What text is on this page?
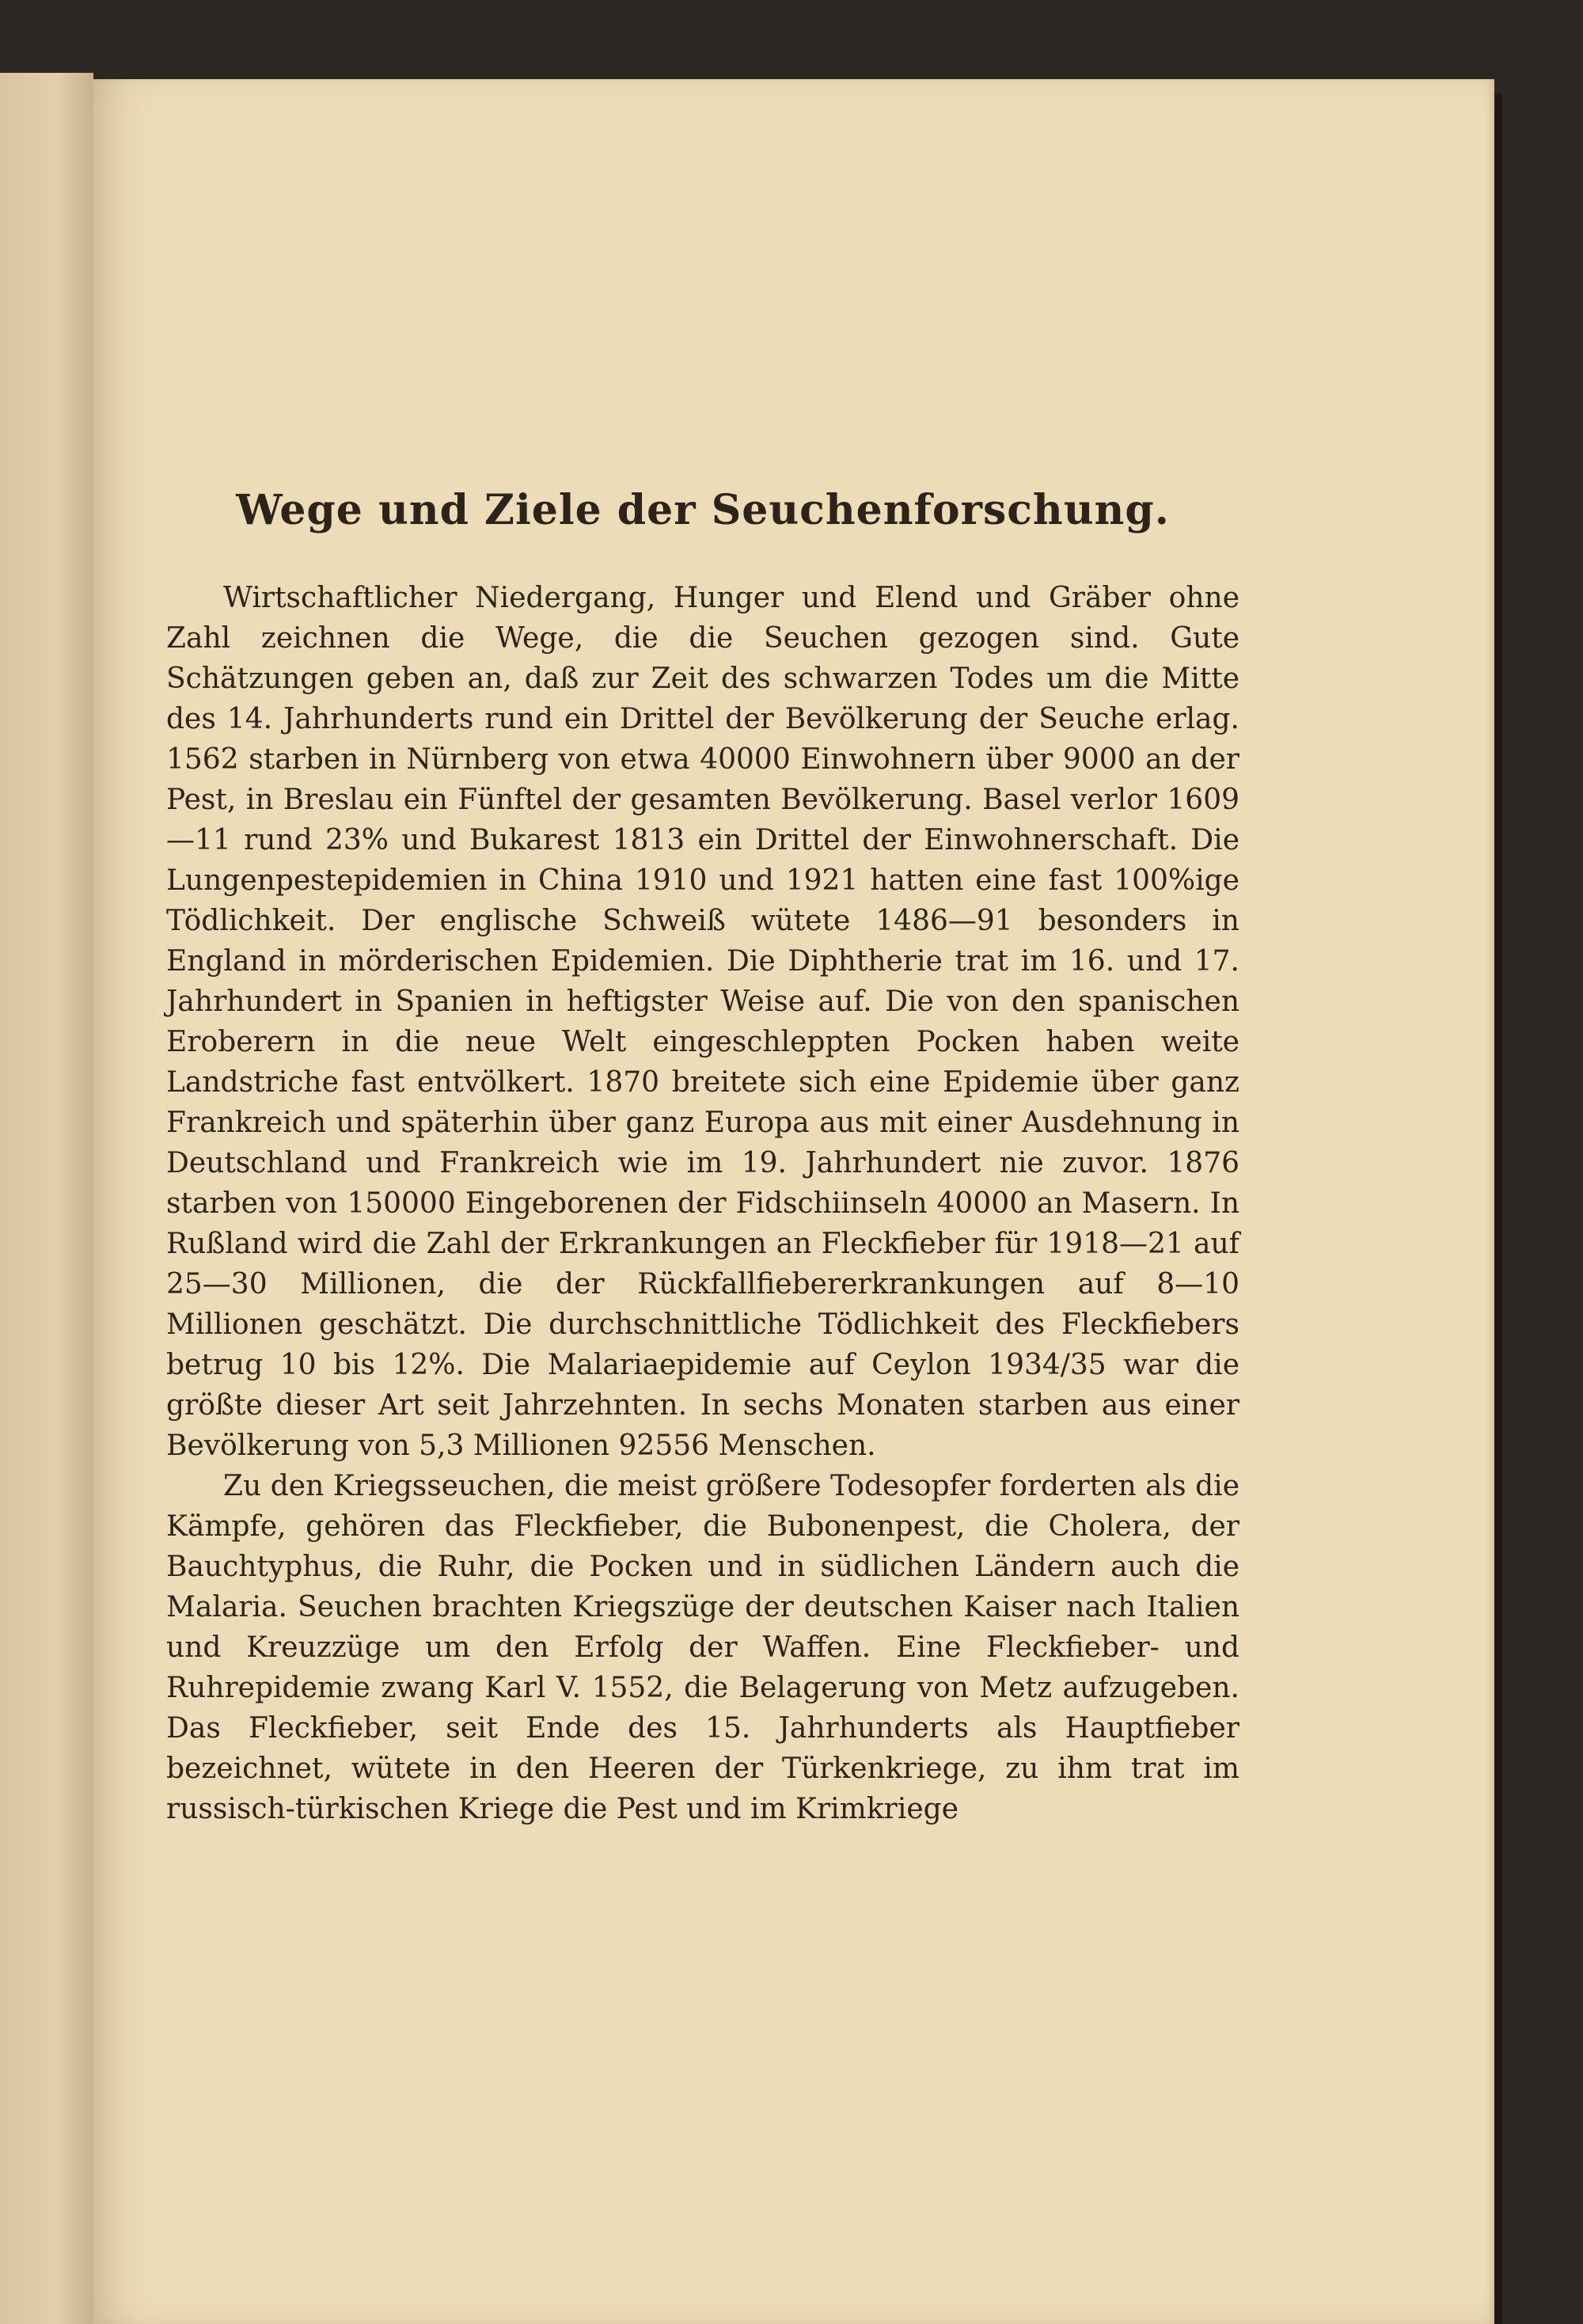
Wege und Ziele der Seuchenforschung.

Wirtschaftlicher Niedergang, Hunger und Elend und Gräber ohne Zahl zeichnen die Wege, die die Seuchen gezogen sind. Gute Schätzungen geben an, daß zur Zeit des schwarzen Todes um die Mitte des 14. Jahrhunderts rund ein Drittel der Bevölkerung der Seuche erlag. 1562 starben in Nürnberg von etwa 40000 Einwohnern über 9000 an der Pest, in Breslau ein Fünftel der gesamten Bevölkerung. Basel verlor 1609—11 rund 23% und Bukarest 1813 ein Drittel der Einwohnerschaft. Die Lungenpestepidemien in China 1910 und 1921 hatten eine fast 100%ige Tödlichkeit. Der englische Schweiß wütete 1486—91 besonders in England in mörderischen Epidemien. Die Diphtherie trat im 16. und 17. Jahrhundert in Spanien in heftigster Weise auf. Die von den spanischen Eroberern in die neue Welt eingeschleppten Pocken haben weite Landstriche fast entvölkert. 1870 breitete sich eine Epidemie über ganz Frankreich und späterhin über ganz Europa aus mit einer Ausdehnung in Deutschland und Frankreich wie im 19. Jahrhundert nie zuvor. 1876 starben von 150000 Eingeborenen der Fidschiinseln 40000 an Masern. In Rußland wird die Zahl der Erkrankungen an Fleckfieber für 1918—21 auf 25—30 Millionen, die der Rückfallfiebererkrankungen auf 8—10 Millionen geschätzt. Die durchschnittliche Tödlichkeit des Fleckfiebers betrug 10 bis 12%. Die Malariaepidemie auf Ceylon 1934/35 war die größte dieser Art seit Jahrzehnten. In sechs Monaten starben aus einer Bevölkerung von 5,3 Millionen 92556 Menschen.

Zu den Kriegsseuchen, die meist größere Todesopfer forderten als die Kämpfe, gehören das Fleckfieber, die Bubonenpest, die Cholera, der Bauchtyphus, die Ruhr, die Pocken und in südlichen Ländern auch die Malaria. Seuchen brachten Kriegszüge der deutschen Kaiser nach Italien und Kreuzzüge um den Erfolg der Waffen. Eine Fleckfieber- und Ruhrepidemie zwang Karl V. 1552, die Belagerung von Metz aufzugeben. Das Fleckfieber, seit Ende des 15. Jahrhunderts als Hauptfieber bezeichnet, wütete in den Heeren der Türkenkriege, zu ihm trat im russisch-türkischen Kriege die Pest und im Krimkriege
